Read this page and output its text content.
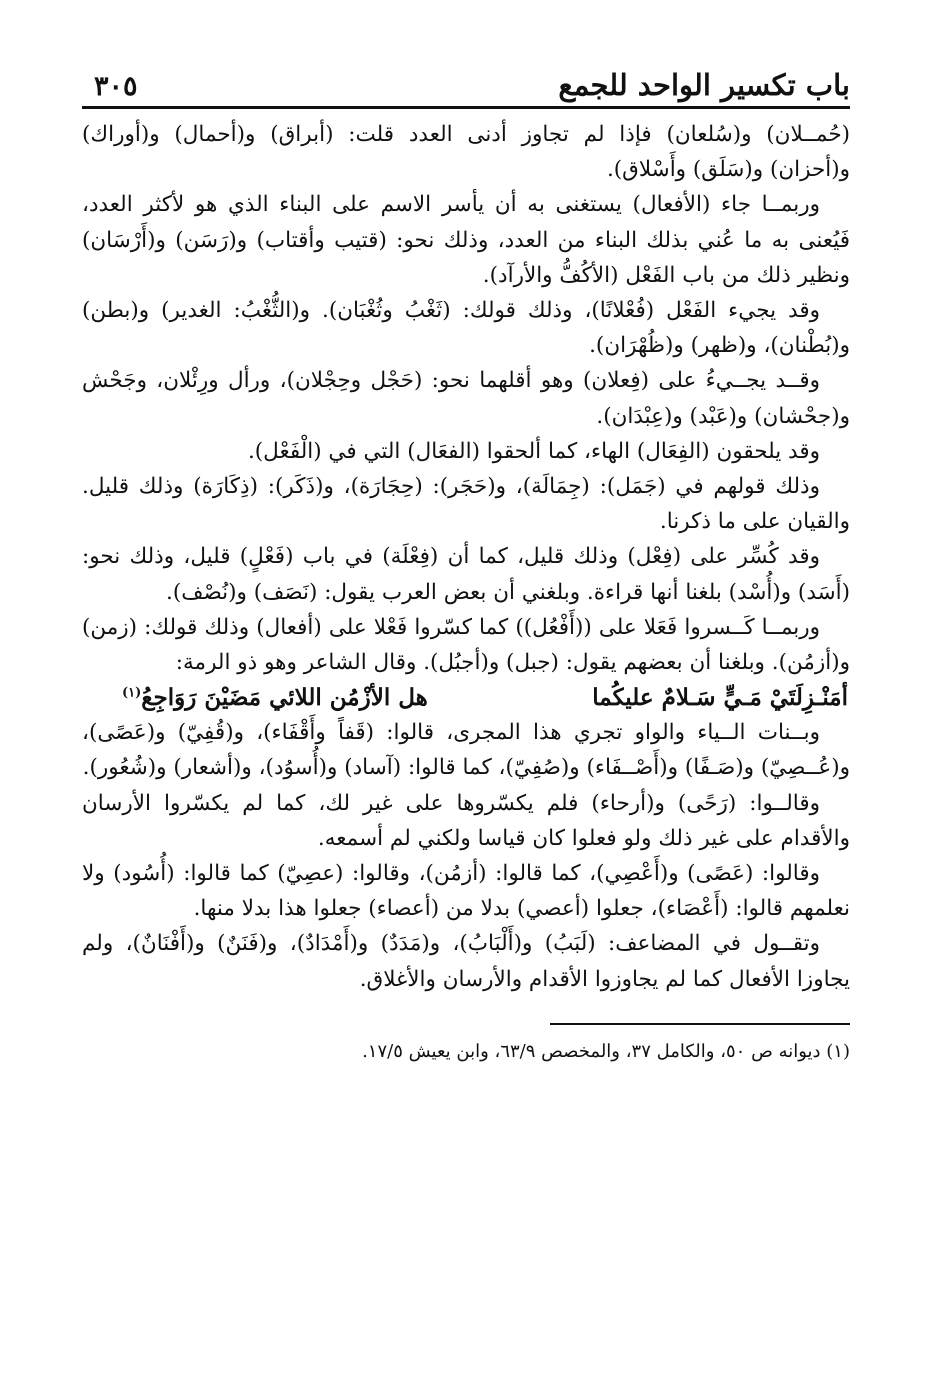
باب تكسير الواحد للجمع
٣٠٥

(حُمــلان) و(سُلعان) فإذا لم تجاوز أدنى العدد قلت: (أبراق) و(أحمال) و(أوراك) و(أحزان) و(سَلَق) وأَسْلاق).

وربمــا جاء (الأفعال) يستغنى به أن يأسر الاسم على البناء الذي هو لأكثر العدد، فَيُعنى به ما عُني بذلك البناء من العدد، وذلك نحو: (قتيب وأقتاب) و(رَسَن) و(أَرْسَان) ونظير ذلك من باب الفَعْل (الأكُفُّ والأرآد).

وقد يجيء الفَعْل (فُعْلانًا)، وذلك قولك: (ثَغْبُ وثُغْبَان). و(الثُّغْبُ: الغدير) و(بطن) و(بُطْنان)، و(ظهر) و(ظُهْرَان).

وقــد يجــيءُ على (فِعلان) وهو أقلهما نحو: (حَجْل وحِجْلان)، ورأل ورِئْلان، وجَحْش و(جحْشان) و(عَبْد) و(عِبْدَان).

وقد يلحقون (الفِعَال) الهاء، كما ألحقوا (الفعَال) التي في (الْفَعْل).

وذلك قولهم في (جَمَل): (جِمَالَة)، و(حَجَر): (حِجَارَة)، و(ذَكَر): (ذِكَارَة) وذلك قليل. والقيان على ما ذكرنا.

وقد كُسِّر على (فِعْل) وذلك قليل، كما أن (فِعْلَة) في باب (فَعْلٍ) قليل، وذلك نحو: (أَسَد) و(أُسْد) بلغنا أنها قراءة. وبلغني أن بعض العرب يقول: (نَصَف) و(نُصْف).

وربمــا كَــسروا فَعَلا على ((أَفْعُل)) كما كسّروا فَعْلا على (أفعال) وذلك قولك: (زمن) و(أزمُن). وبلغنا أن بعضهم يقول: (جبل) و(أجبُل). وقال الشاعر وهو ذو الرمة:

أمَنْـزِلَتَيْ مَـيٍّ سَـلامٌ عليكُما
هل الأزْمُن اللائي مَضَيْنَ رَوَاجِعُ$^{(١)}$

وبــنات الــياء والواو تجري هذا المجرى، قالوا: (قَفاً وأَقْفَاء)، و(قُفِيّ) و(عَصًى)، و(عُــصِيّ) و(صَـفًا) و(أَصْــفَاء) و(صُفِيّ)، كما قالوا: (آساد) و(أُسوُد)، و(أشعار) و(شُعُور).

وقالــوا: (رَحًى) و(أرحاء) فلم يكسّروها على غير لك، كما لم يكسّروا الأرسان والأقدام على غير ذلك ولو فعلوا كان قياسا ولكني لم أسمعه.

وقالوا: (عَصًى) و(أَعْصِي)، كما قالوا: (أزمُن)، وقالوا: (عصِيّ) كما قالوا: (أُسُود) ولا نعلمهم قالوا: (أَعْصَاء)، جعلوا (أعصي) بدلا من (أعصاء) جعلوا هذا بدلا منها.

وتقــول في المضاعف: (لَبَبُ) و(أَلْبَابُ)، و(مَدَدٌ) و(أَمْدَادٌ)، و(فَنَنٌ) و(أَفْنَانٌ)، ولم يجاوزا الأفعال كما لم يجاوزوا الأقدام والأرسان والأغلاق.

(١) ديوانه ص ٥٠، والكامل ٣٧، والمخصص ٦٣/٩، وابن يعيش ١٧/٥.
